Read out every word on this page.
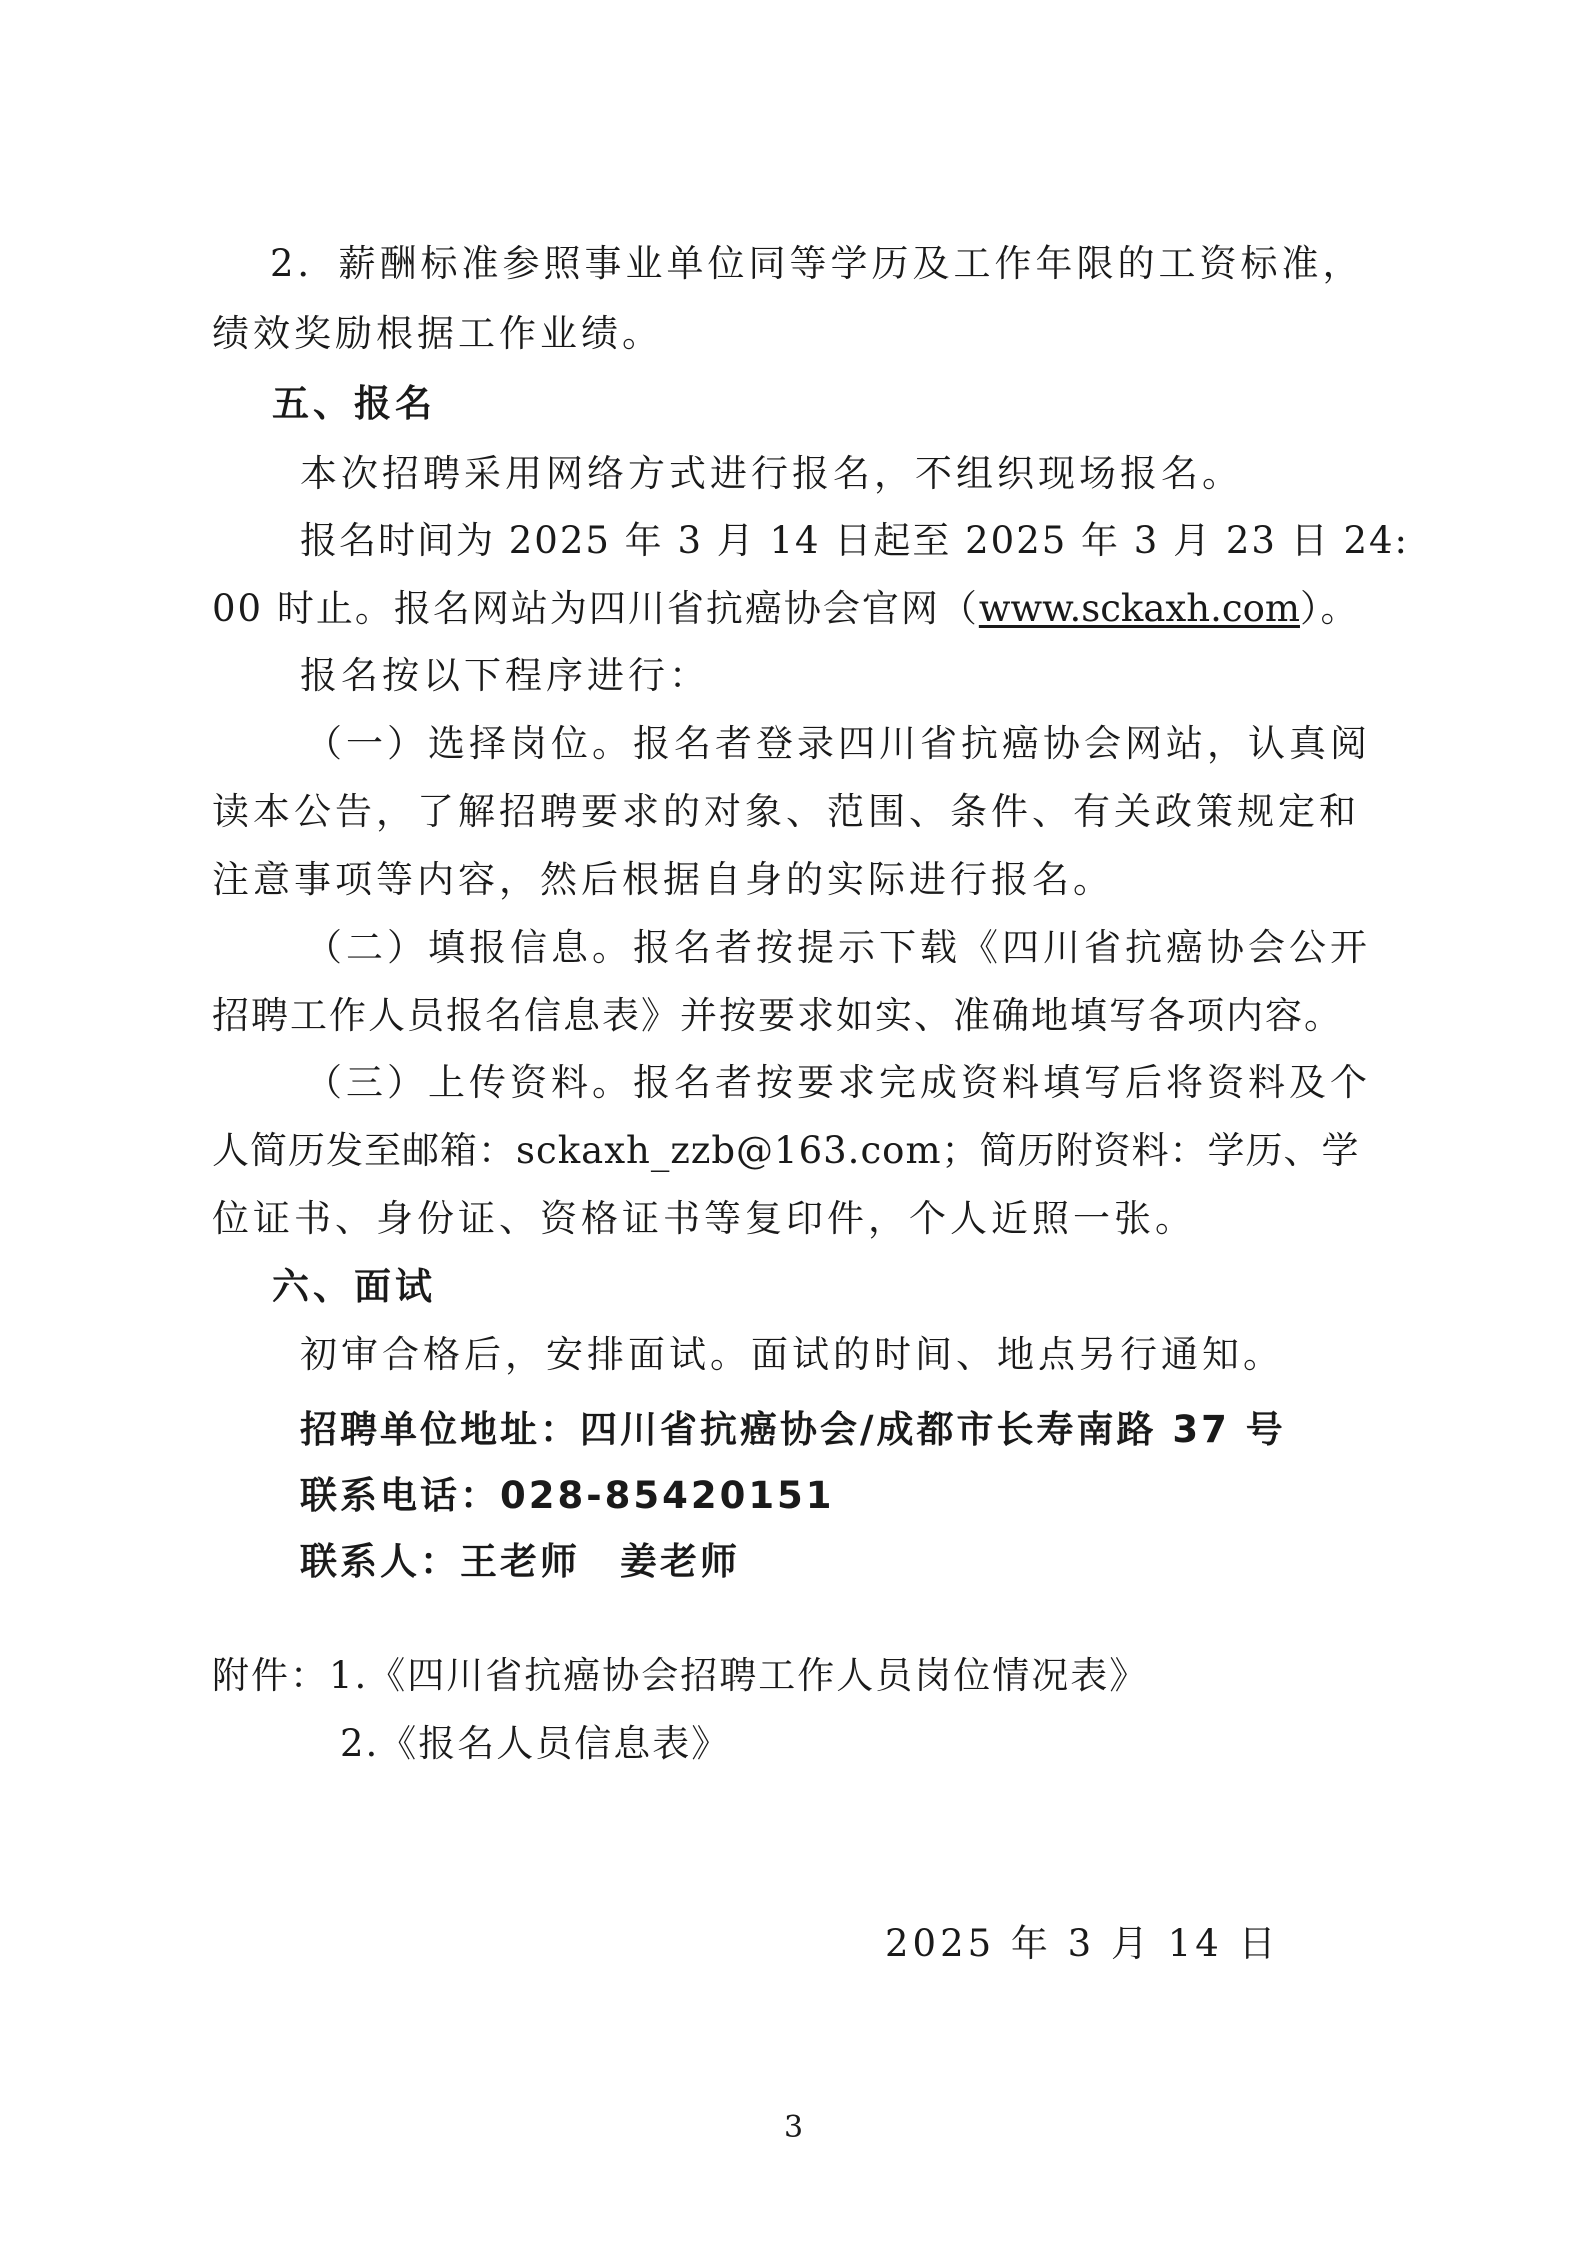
2．薪酬标准参照事业单位同等学历及工作年限的工资标准，
绩效奖励根据工作业绩。
五、报名
本次招聘采用网络方式进行报名，不组织现场报名。
报名时间为 2025 年 3 月 14 日起至 2025 年 3 月 23 日 24:
00 时止。报名网站为四川省抗癌协会官网（www.sckaxh.com）。
报名按以下程序进行：
（一）选择岗位。报名者登录四川省抗癌协会网站，认真阅
读本公告，了解招聘要求的对象、范围、条件、有关政策规定和
注意事项等内容，然后根据自身的实际进行报名。
（二）填报信息。报名者按提示下载《四川省抗癌协会公开
招聘工作人员报名信息表》并按要求如实、准确地填写各项内容。
（三）上传资料。报名者按要求完成资料填写后将资料及个
人简历发至邮箱：sckaxh_zzb@163.com；简历附资料：学历、学
位证书、身份证、资格证书等复印件，个人近照一张。
六、面试
初审合格后，安排面试。面试的时间、地点另行通知。
招聘单位地址：四川省抗癌协会/成都市长寿南路 37 号
联系电话：028-85420151
联系人：王老师　姜老师
附件：1.《四川省抗癌协会招聘工作人员岗位情况表》
2.《报名人员信息表》
2025 年 3 月 14 日
3
